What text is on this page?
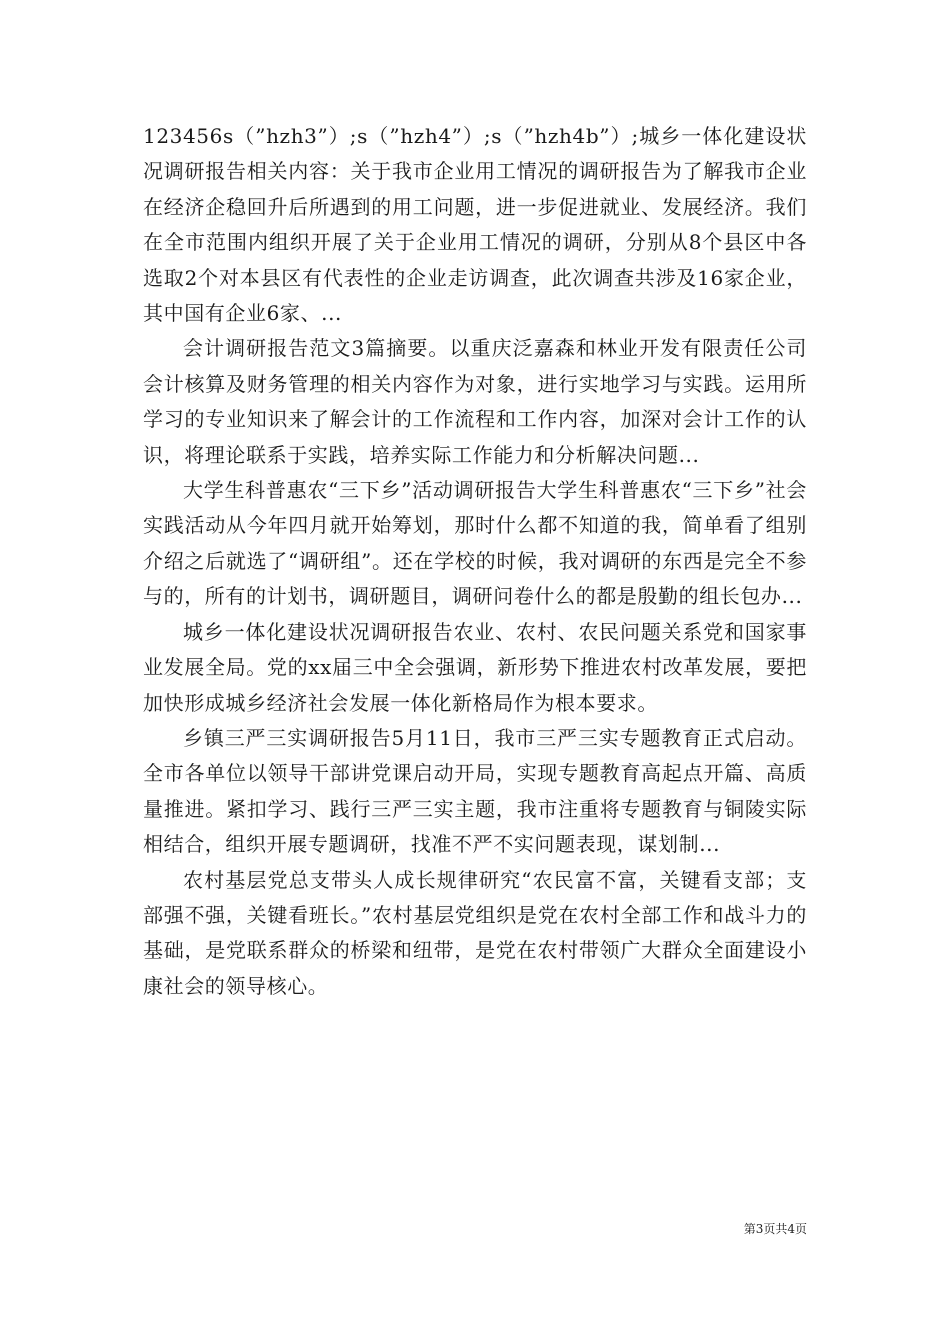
123456s（”hzh3”）;s（”hzh4”）;s（”hzh4b”）;城乡一体化建设状况调研报告相关内容：关于我市企业用工情况的调研报告为了解我市企业在经济企稳回升后所遇到的用工问题，进一步促进就业、发展经济。我们在全市范围内组织开展了关于企业用工情况的调研，分别从8个县区中各选取2个对本县区有代表性的企业走访调查，此次调查共涉及16家企业，其中国有企业6家、...

会计调研报告范文3篇摘要。以重庆泛嘉森和林业开发有限责任公司会计核算及财务管理的相关内容作为对象，进行实地学习与实践。运用所学习的专业知识来了解会计的工作流程和工作内容，加深对会计工作的认识，将理论联系于实践，培养实际工作能力和分析解决问题...

大学生科普惠农“三下乡”活动调研报告大学生科普惠农“三下乡”社会实践活动从今年四月就开始筹划，那时什么都不知道的我，简单看了组别介绍之后就选了“调研组”。还在学校的时候，我对调研的东西是完全不参与的，所有的计划书，调研题目，调研问卷什么的都是殷勤的组长包办...

城乡一体化建设状况调研报告农业、农村、农民问题关系党和国家事业发展全局。党的xx届三中全会强调，新形势下推进农村改革发展，要把加快形成城乡经济社会发展一体化新格局作为根本要求。

乡镇三严三实调研报告5月11日，我市三严三实专题教育正式启动。全市各单位以领导干部讲党课启动开局，实现专题教育高起点开篇、高质量推进。紧扣学习、践行三严三实主题，我市注重将专题教育与铜陵实际相结合，组织开展专题调研，找准不严不实问题表现，谋划制...

农村基层党总支带头人成长规律研究“农民富不富，关键看支部；支部强不强，关键看班长。”农村基层党组织是党在农村全部工作和战斗力的基础，是党联系群众的桥梁和纽带，是党在农村带领广大群众全面建设小康社会的领导核心。

第3页共4页
